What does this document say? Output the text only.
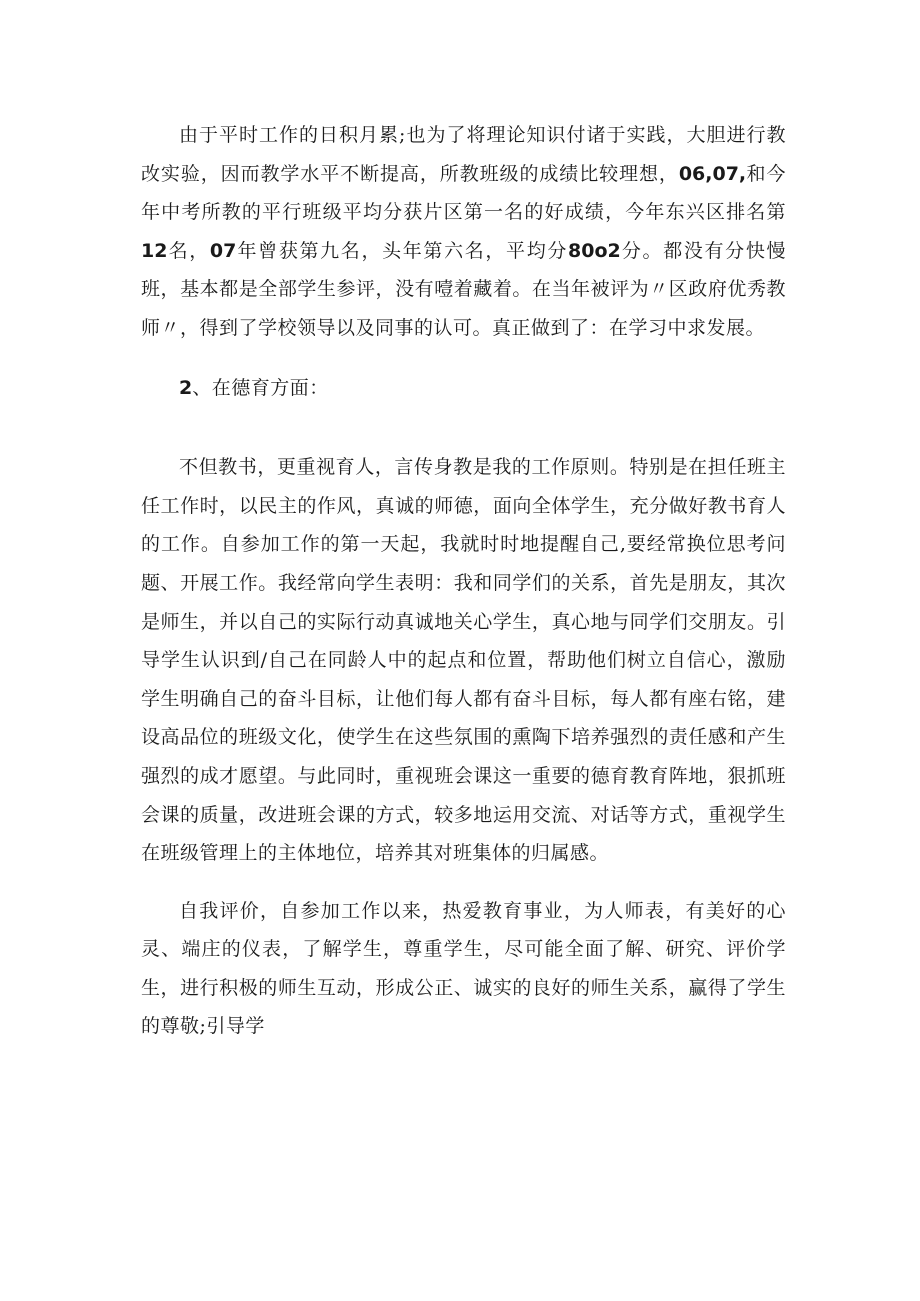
由于平时工作的日积月累;也为了将理论知识付诸于实践，大胆进行教改实验，因而教学水平不断提高，所教班级的成绩比较理想，06,07,和今年中考所教的平行班级平均分获片区第一名的好成绩，今年东兴区排名第12名，07年曾获第九名，头年第六名，平均分80o2分。都没有分快慢班，基本都是全部学生参评，没有噎着藏着。在当年被评为〃区政府优秀教师〃，得到了学校领导以及同事的认可。真正做到了：在学习中求发展。

2、在德育方面：

不但教书，更重视育人，言传身教是我的工作原则。特别是在担任班主任工作时，以民主的作风，真诚的师德，面向全体学生，充分做好教书育人的工作。自参加工作的第一天起，我就时时地提醒自己,要经常换位思考问题、开展工作。我经常向学生表明：我和同学们的关系，首先是朋友，其次是师生，并以自己的实际行动真诚地关心学生，真心地与同学们交朋友。引导学生认识到/自己在同龄人中的起点和位置，帮助他们树立自信心，激励学生明确自己的奋斗目标，让他们每人都有奋斗目标，每人都有座右铭，建设高品位的班级文化，使学生在这些氛围的熏陶下培养强烈的责任感和产生强烈的成才愿望。与此同时，重视班会课这一重要的德育教育阵地，狠抓班会课的质量，改进班会课的方式，较多地运用交流、对话等方式，重视学生在班级管理上的主体地位，培养其对班集体的归属感。

自我评价，自参加工作以来，热爱教育事业，为人师表，有美好的心灵、端庄的仪表，了解学生，尊重学生，尽可能全面了解、研究、评价学生，进行积极的师生互动，形成公正、诚实的良好的师生关系，赢得了学生的尊敬;引导学
